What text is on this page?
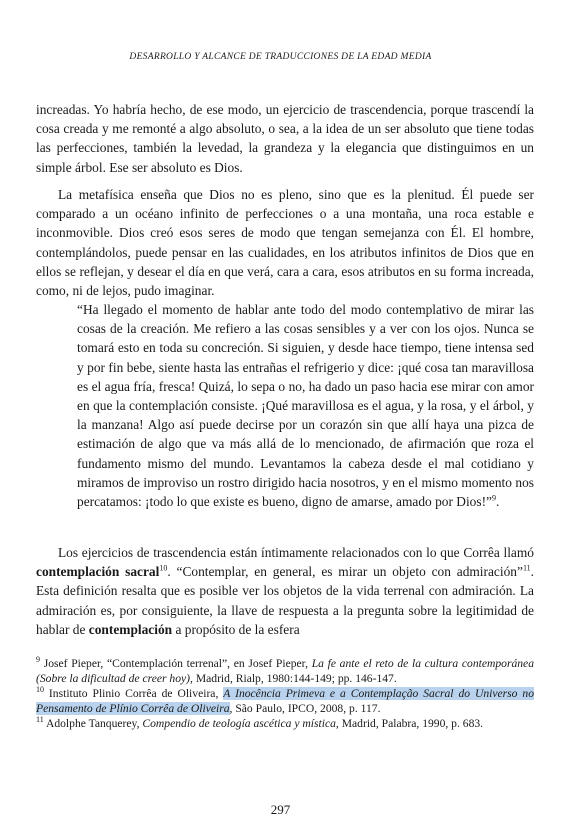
DESARROLLO Y ALCANCE DE TRADUCCIONES DE LA EDAD MEDIA

increadas. Yo habría hecho, de ese modo, un ejercicio de trascendencia, porque trascendí la cosa creada y me remonté a algo absoluto, o sea, a la idea de un ser absoluto que tiene todas las perfecciones, también la levedad, la grandeza y la elegancia que distinguimos en un simple árbol. Ese ser absoluto es Dios.

La metafísica enseña que Dios no es pleno, sino que es la plenitud. Él puede ser comparado a un océano infinito de perfecciones o a una montaña, una roca estable e inconmovible. Dios creó esos seres de modo que tengan semejanza con Él. El hombre, contemplándolos, puede pensar en las cualidades, en los atributos infinitos de Dios que en ellos se reflejan, y desear el día en que verá, cara a cara, esos atributos en su forma increada, como, ni de lejos, pudo imaginar.

“Ha llegado el momento de hablar ante todo del modo contemplativo de mirar las cosas de la creación. Me refiero a las cosas sensibles y a ver con los ojos. Nunca se tomará esto en toda su concreción. Si siguien, y desde hace tiempo, tiene intensa sed y por fin bebe, siente hasta las entrañas el refrigerio y dice: ¡qué cosa tan maravillosa es el agua fría, fresca! Quizá, lo sepa o no, ha dado un paso hacia ese mirar con amor en que la contemplación consiste. ¡Qué maravillosa es el agua, y la rosa, y el árbol, y la manzana! Algo así puede decirse por un corazón sin que allí haya una pizca de estimación de algo que va más allá de lo mencionado, de afirmación que roza el fundamento mismo del mundo. Levantamos la cabeza desde el mal cotidiano y miramos de improviso un rostro dirigido hacia nosotros, y en el mismo momento nos percatamos: ¡todo lo que existe es bueno, digno de amarse, amado por Dios!”$^9$.

Los ejercicios de trascendencia están íntimamente relacionados con lo que Corrêa llamó contemplación sacral$^{10}$. “Contemplar, en general, es mirar un objeto con admiración”$^{11}$. Esta definición resalta que es posible ver los objetos de la vida terrenal con admiración. La admiración es, por consiguiente, la llave de respuesta a la pregunta sobre la legitimidad de hablar de contemplación a propósito de la esfera

$^9$ Josef Pieper, “Contemplación terrenal”, en Josef Pieper, La fe ante el reto de la cultura contemporánea (Sobre la dificultad de creer hoy), Madrid, Rialp, 1980:144-149; pp. 146-147.

$^{10}$ Instituto Plinio Corrêa de Oliveira, A Inocência Primeva e a Contemplação Sacral do Universo no Pensamento de Plínio Corrêa de Oliveira, São Paulo, IPCO, 2008, p. 117.

$^{11}$ Adolphe Tanquerey, Compendio de teología ascética y mística, Madrid, Palabra, 1990, p. 683.

297
